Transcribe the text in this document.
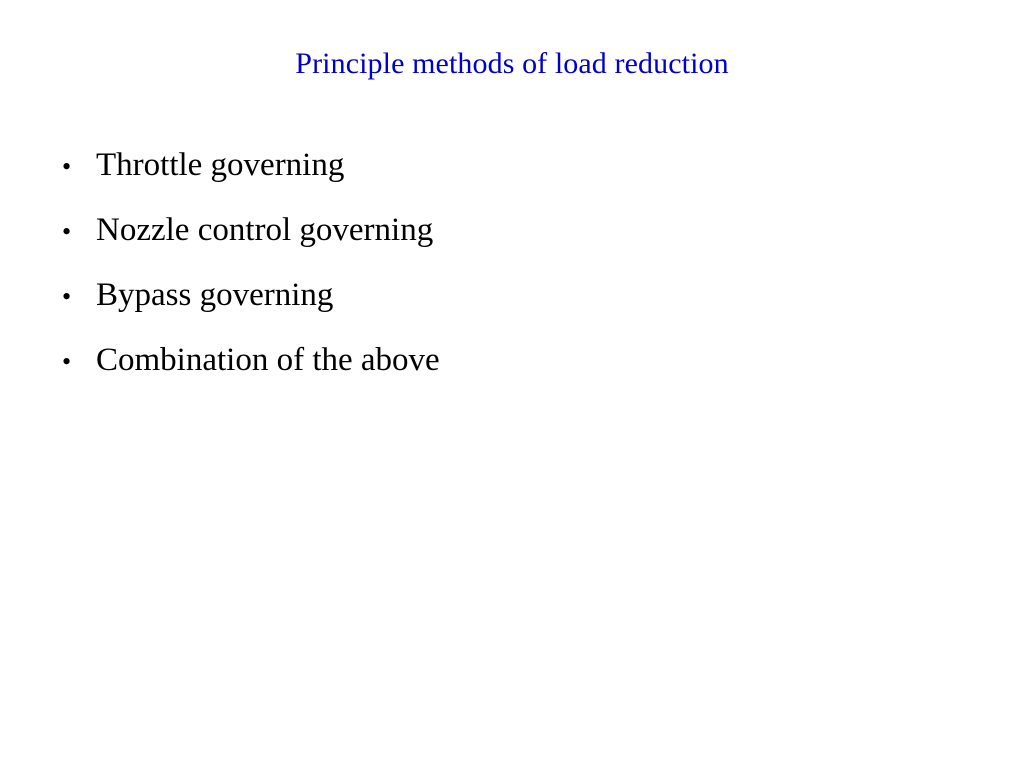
Principle methods of load reduction
• Throttle governing
• Nozzle control governing
• Bypass governing
• Combination of the above
